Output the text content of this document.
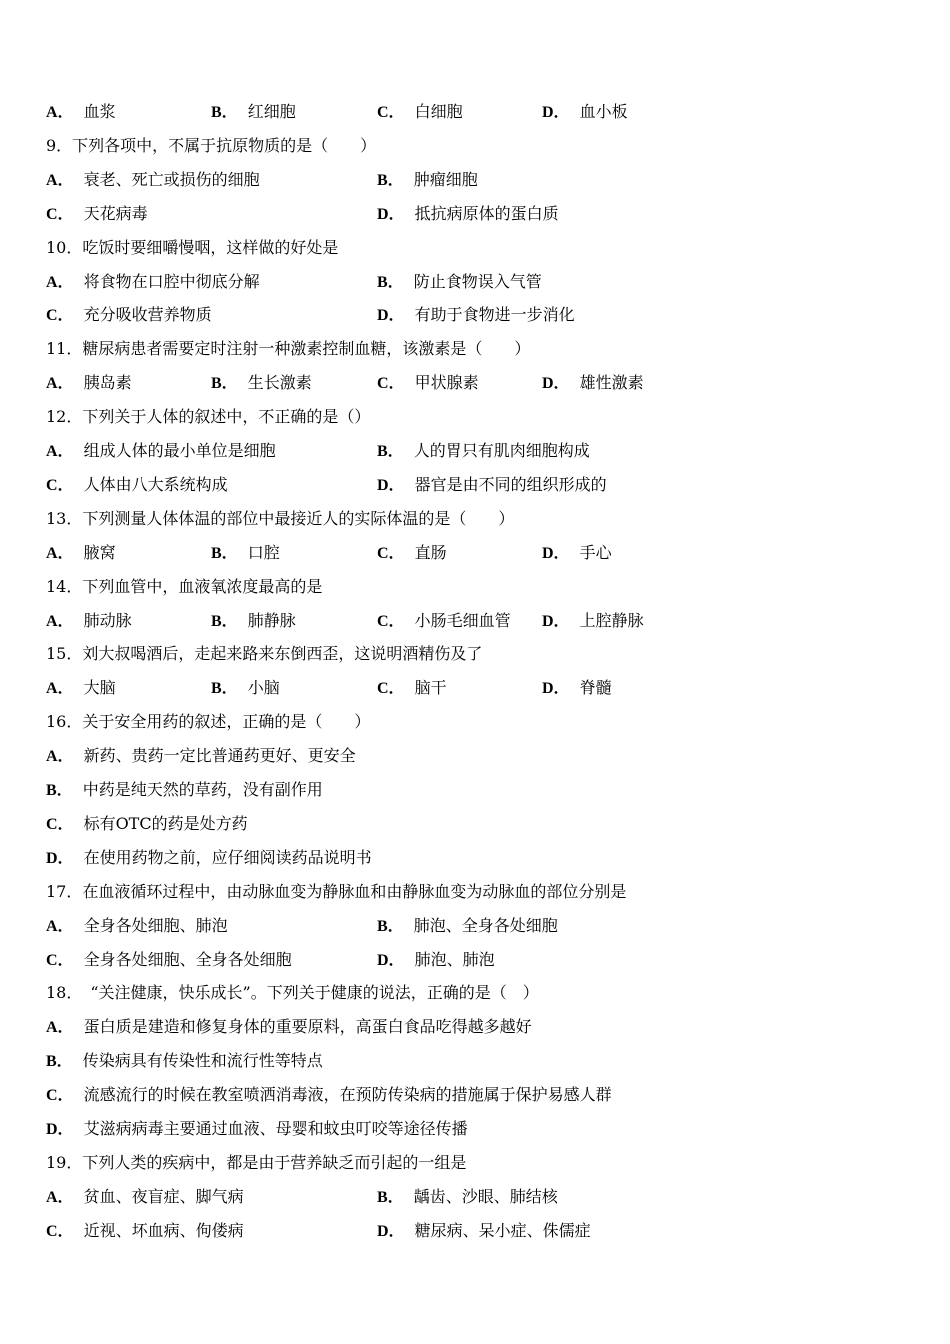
A． 血浆	B． 红细胞	C． 白细胞	D． 血小板
9．下列各项中，不属于抗原物质的是（　　）
A． 衰老、死亡或损伤的细胞	B． 肿瘤细胞
C． 天花病毒	D． 抵抗病原体的蛋白质
10．吃饭时要细嚼慢咽，这样做的好处是
A． 将食物在口腔中彻底分解	B． 防止食物误入气管
C． 充分吸收营养物质	D． 有助于食物进一步消化
11．糖尿病患者需要定时注射一种激素控制血糖，该激素是（　　）
A． 胰岛素	B． 生长激素	C． 甲状腺素	D． 雄性激素
12．下列关于人体的叙述中，不正确的是（）
A． 组成人体的最小单位是细胞	B． 人的胃只有肌肉细胞构成
C． 人体由八大系统构成	D． 器官是由不同的组织形成的
13．下列测量人体体温的部位中最接近人的实际体温的是（　　）
A． 腋窝	B． 口腔	C． 直肠	D． 手心
14．下列血管中，血液氧浓度最高的是
A． 肺动脉	B． 肺静脉	C． 小肠毛细血管 D． 上腔静脉
15．刘大叔喝酒后，走起来路来东倒西歪，这说明酒精伤及了
A． 大脑	B． 小脑	C． 脑干	D． 脊髓
16．关于安全用药的叙述，正确的是（　　）
A． 新药、贵药一定比普通药更好、更安全
B． 中药是纯天然的草药，没有副作用
C． 标有OTC的药是处方药
D． 在使用药物之前，应仔细阅读药品说明书
17．在血液循环过程中，由动脉血变为静脉血和由静脉血变为动脉血的部位分别是
A． 全身各处细胞、肺泡	B． 肺泡、全身各处细胞
C． 全身各处细胞、全身各处细胞	D． 肺泡、肺泡
18．　“关注健康，快乐成长”。下列关于健康的说法，正确的是（　）
A． 蛋白质是建造和修复身体的重要原料，高蛋白食品吃得越多越好
B． 传染病具有传染性和流行性等特点
C． 流感流行的时候在教室喷洒消毒液，在预防传染病的措施属于保护易感人群
D． 艾滋病病毒主要通过血液、母婴和蚊虫叮咬等途径传播
19．下列人类的疾病中，都是由于营养缺乏而引起的一组是
A． 贫血、夜盲症、脚气病	B． 龋齿、沙眼、肺结核
C． 近视、坏血病、佝偻病	D． 糖尿病、呆小症、侏儒症
